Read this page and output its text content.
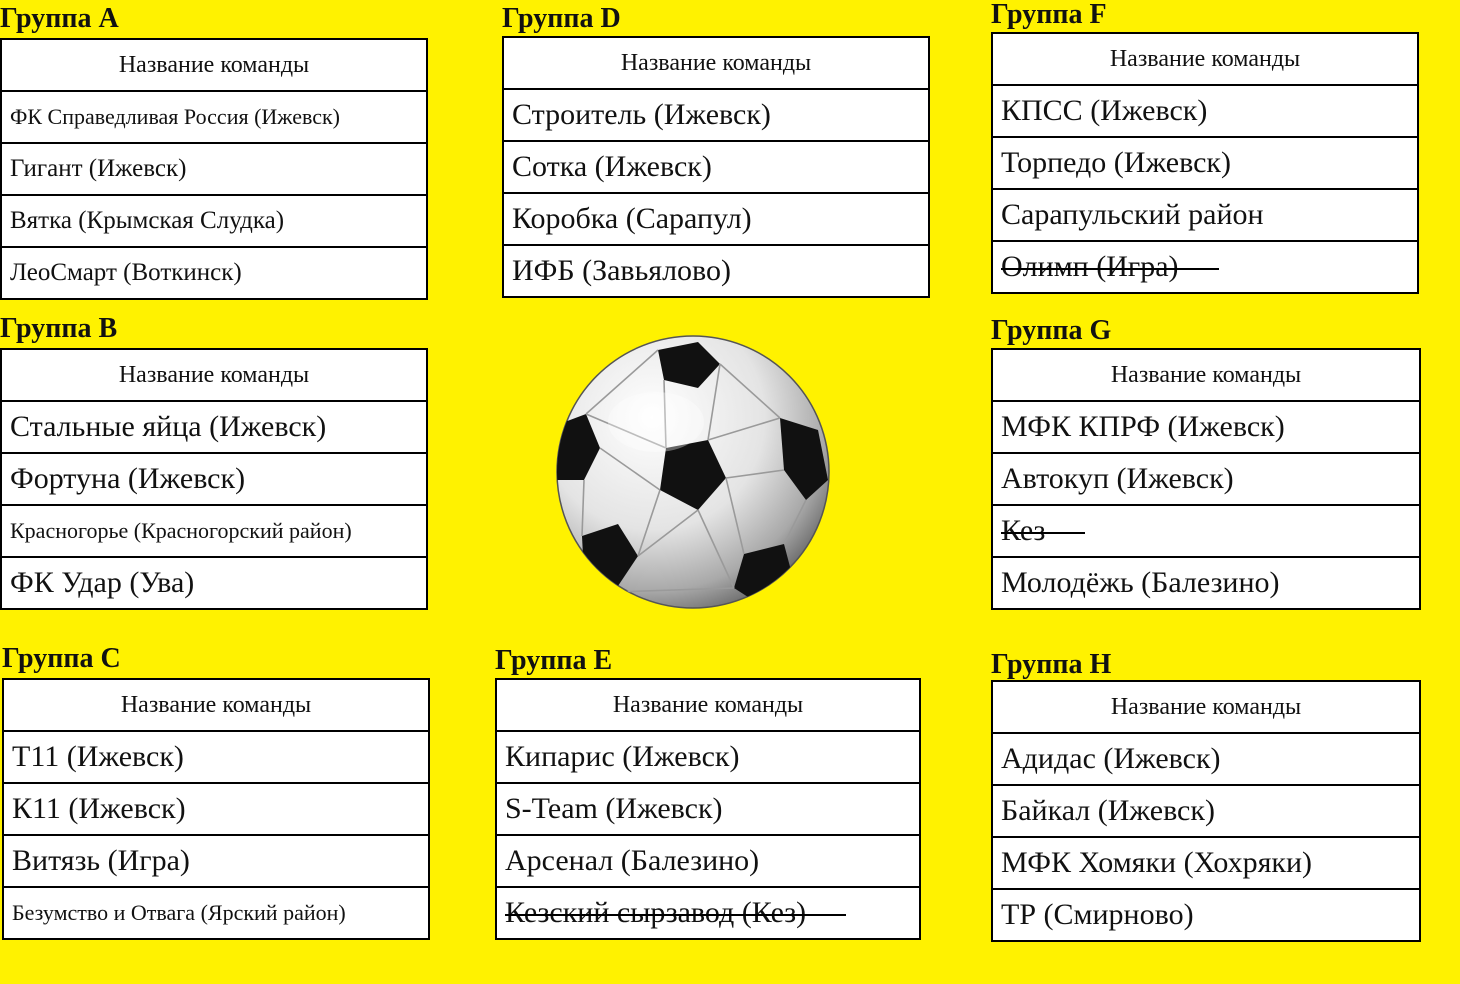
Группа А
Название команды
ФК Справедливая Россия (Ижевск)
Гигант (Ижевск)
Вятка (Крымская Слудка)
ЛеоСмарт (Воткинск)
Группа В
Название команды
Стальные яйца (Ижевск)
Фортуна (Ижевск)
Красногорье (Красногорский район)
ФК Удар (Ува)
Группа С
Название команды
Т11 (Ижевск)
К11 (Ижевск)
Витязь (Игра)
Безумство и Отвага (Ярский район)
Группа D
Название команды
Строитель (Ижевск)
Сотка (Ижевск)
Коробка (Сарапул)
ИФБ (Завьялово)
Группа Е
Название команды
Кипарис (Ижевск)
S-Team (Ижевск)
Арсенал (Балезино)
Кезский сырзавод (Кез)
Группа F
Название команды
КПСС (Ижевск)
Торпедо (Ижевск)
Сарапульский район
Олимп (Игра)
Группа G
Название команды
МФК КПРФ (Ижевск)
Автокуп (Ижевск)
Кез
Молодёжь (Балезино)
Группа Н
Название команды
Адидас (Ижевск)
Байкал (Ижевск)
МФК Хомяки (Хохряки)
ТР (Смирново)
